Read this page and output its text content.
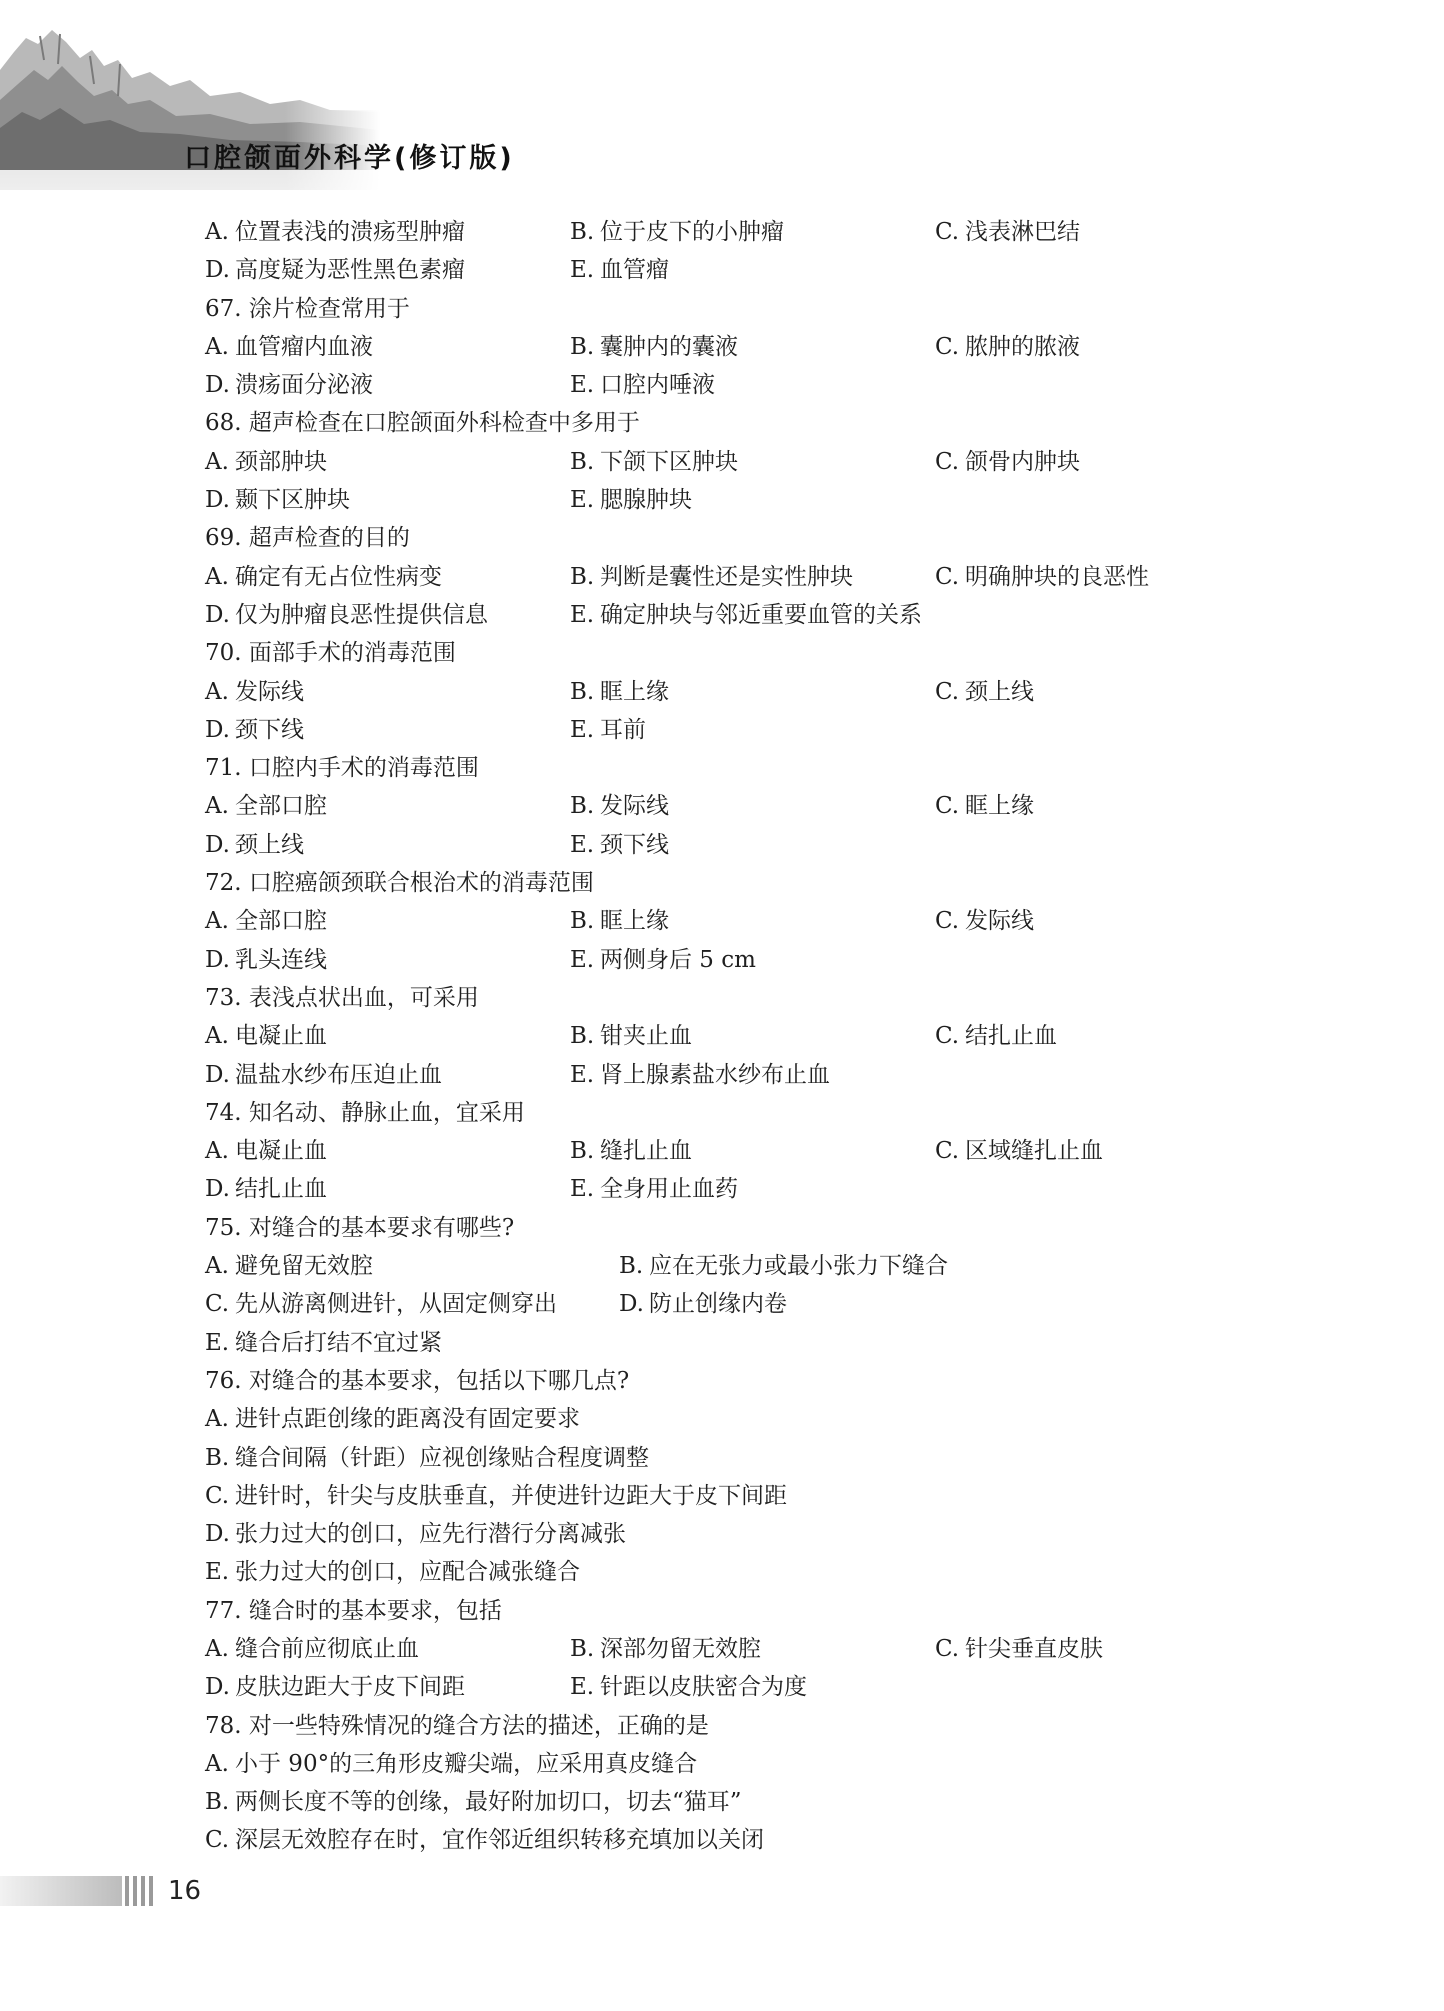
口腔颌面外科学(修订版)
A. 位置表浅的溃疡型肿瘤	B. 位于皮下的小肿瘤	C. 浅表淋巴结
D. 高度疑为恶性黑色素瘤	E. 血管瘤
67. 涂片检查常用于
A. 血管瘤内血液	B. 囊肿内的囊液	C. 脓肿的脓液
D. 溃疡面分泌液	E. 口腔内唾液
68. 超声检查在口腔颌面外科检查中多用于
A. 颈部肿块	B. 下颌下区肿块	C. 颌骨内肿块
D. 颞下区肿块	E. 腮腺肿块
69. 超声检查的目的
A. 确定有无占位性病变	B. 判断是囊性还是实性肿块	C. 明确肿块的良恶性
D. 仅为肿瘤良恶性提供信息	E. 确定肿块与邻近重要血管的关系
70. 面部手术的消毒范围
A. 发际线	B. 眶上缘	C. 颈上线
D. 颈下线	E. 耳前
71. 口腔内手术的消毒范围
A. 全部口腔	B. 发际线	C. 眶上缘
D. 颈上线	E. 颈下线
72. 口腔癌颌颈联合根治术的消毒范围
A. 全部口腔	B. 眶上缘	C. 发际线
D. 乳头连线	E. 两侧身后 5 cm
73. 表浅点状出血，可采用
A. 电凝止血	B. 钳夹止血	C. 结扎止血
D. 温盐水纱布压迫止血	E. 肾上腺素盐水纱布止血
74. 知名动、静脉止血，宜采用
A. 电凝止血	B. 缝扎止血	C. 区域缝扎止血
D. 结扎止血	E. 全身用止血药
75. 对缝合的基本要求有哪些?
A. 避免留无效腔	B. 应在无张力或最小张力下缝合
C. 先从游离侧进针，从固定侧穿出	D. 防止创缘内卷
E. 缝合后打结不宜过紧
76. 对缝合的基本要求，包括以下哪几点?
A. 进针点距创缘的距离没有固定要求
B. 缝合间隔（针距）应视创缘贴合程度调整
C. 进针时，针尖与皮肤垂直，并使进针边距大于皮下间距
D. 张力过大的创口，应先行潜行分离减张
E. 张力过大的创口，应配合减张缝合
77. 缝合时的基本要求，包括
A. 缝合前应彻底止血	B. 深部勿留无效腔	C. 针尖垂直皮肤
D. 皮肤边距大于皮下间距	E. 针距以皮肤密合为度
78. 对一些特殊情况的缝合方法的描述，正确的是
A. 小于 90°的三角形皮瓣尖端，应采用真皮缝合
B. 两侧长度不等的创缘，最好附加切口，切去“猫耳”
C. 深层无效腔存在时，宜作邻近组织转移充填加以关闭
16
